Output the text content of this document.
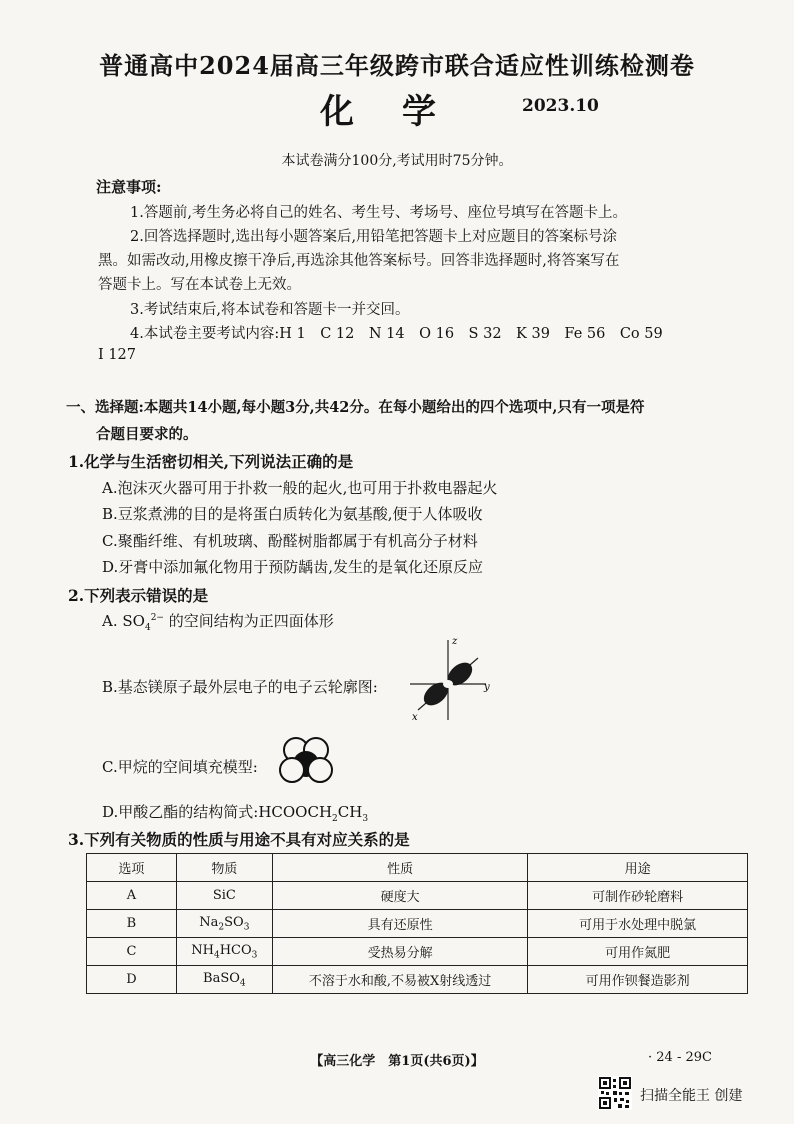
普通高中2024届高三年级跨市联合适应性训练检测卷
化学 2023.10
本试卷满分100分,考试用时75分钟。
注意事项:
1.答题前,考生务必将自己的姓名、考生号、考场号、座位号填写在答题卡上。
2.回答选择题时,选出每小题答案后,用铅笔把答题卡上对应题目的答案标号涂
黑。如需改动,用橡皮擦干净后,再选涂其他答案标号。回答非选择题时,将答案写在
答题卡上。写在本试卷上无效。
3.考试结束后,将本试卷和答题卡一并交回。
4.本试卷主要考试内容:H 1　C 12　N 14　O 16　S 32　K 39　Fe 56　Co 59
I 127
一、选择题:本题共14小题,每小题3分,共42分。在每小题给出的四个选项中,只有一项是符
合题目要求的。
1.化学与生活密切相关,下列说法正确的是
A.泡沫灭火器可用于扑救一般的起火,也可用于扑救电器起火
B.豆浆煮沸的目的是将蛋白质转化为氨基酸,便于人体吸收
C.聚酯纤维、有机玻璃、酚醛树脂都属于有机高分子材料
D.牙膏中添加氟化物用于预防龋齿,发生的是氧化还原反应
2.下列表示错误的是
A. $SO_4^{2-}$ 的空间结构为正四面体形
B.基态镁原子最外层电子的电子云轮廓图:
z
y
x
C.甲烷的空间填充模型:
D.甲酸乙酯的结构简式$:HCOOCH_2CH_3$
3.下列有关物质的性质与用途不具有对应关系的是
选项	物质	性质	用途
A	SiC	硬度大	可制作砂轮磨料
B	$Na_2SO_3$	具有还原性	可用于水处理中脱氯
C	$NH_4HCO_3$	受热易分解	可用作氮肥
D	BaSO$_4$	不溶于水和酸,不易被X射线透过	可用作钡餐造影剂
【高三化学　第1页(共6页)】	· 24 - 29C
扫描全能王 创建
